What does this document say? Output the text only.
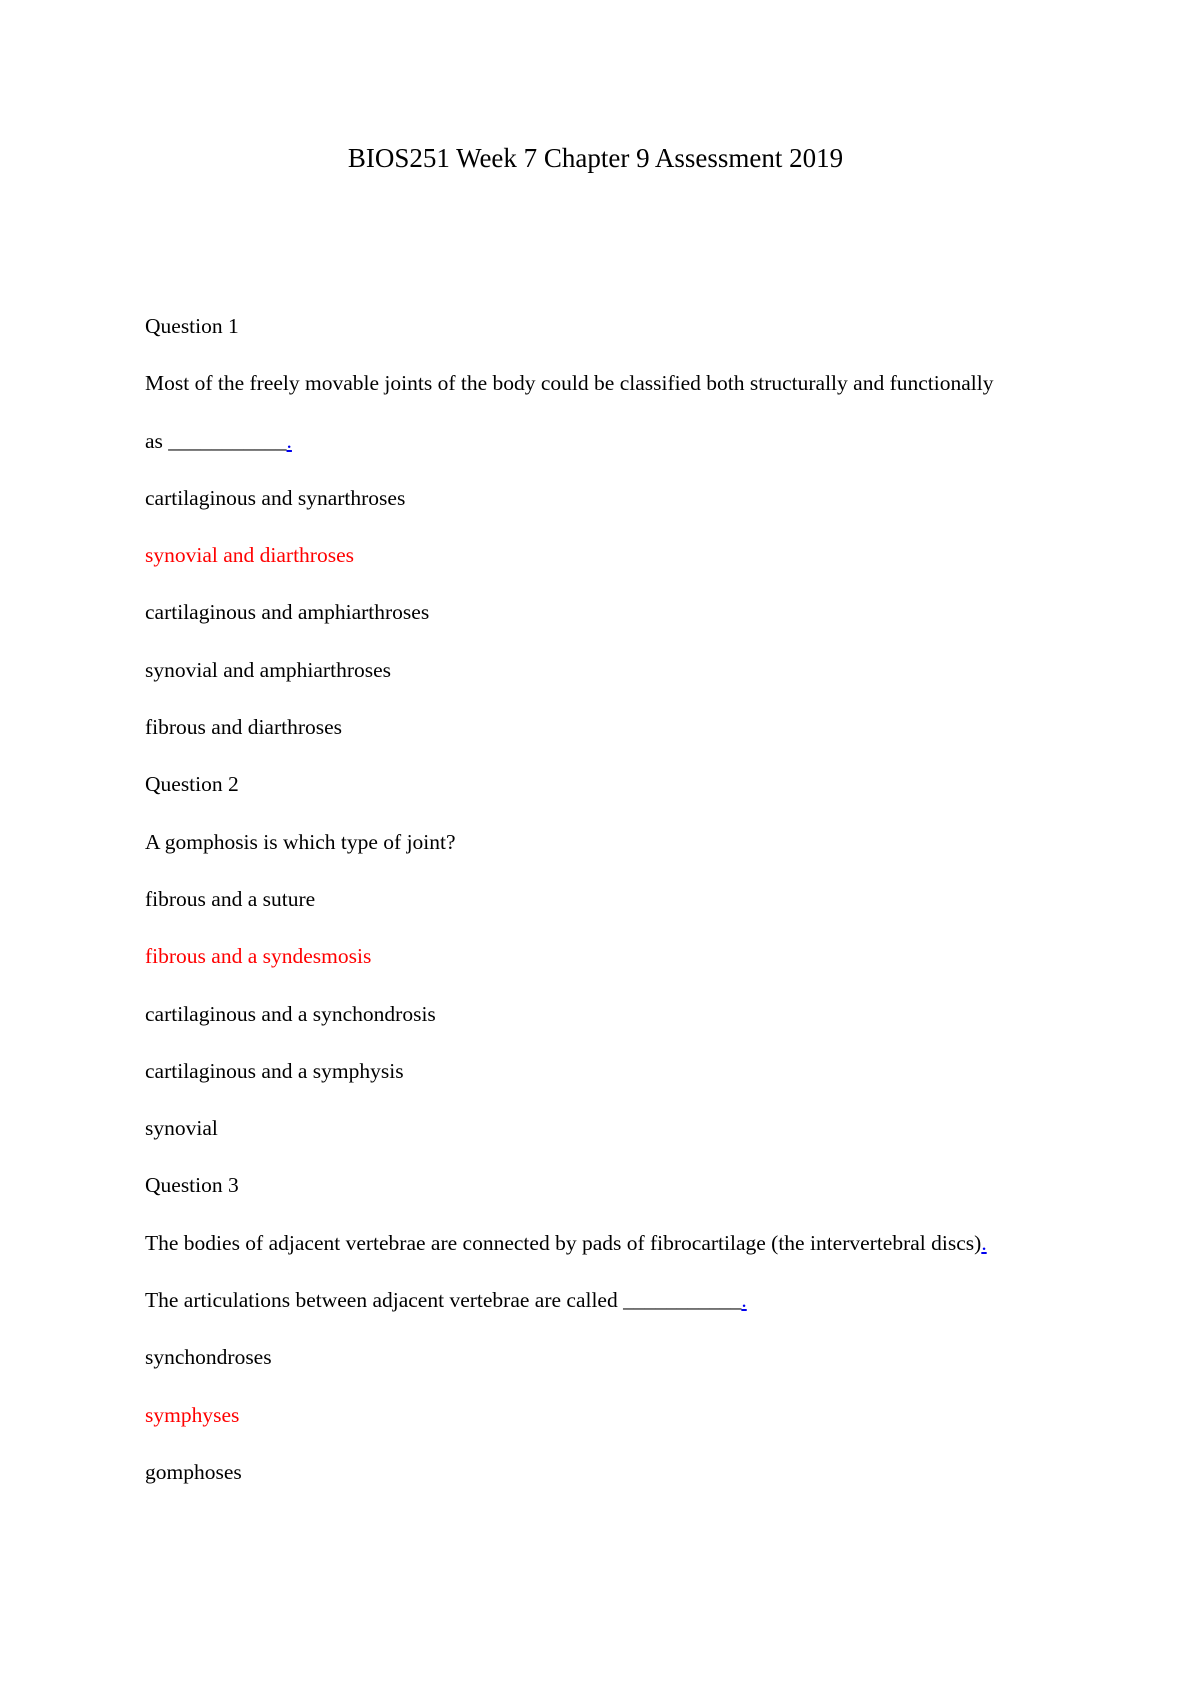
BIOS251 Week 7 Chapter 9 Assessment 2019
Question 1
Most of the freely movable joints of the body could be classified both structurally and functionally
as ___________.
cartilaginous and synarthroses
synovial and diarthroses
cartilaginous and amphiarthroses
synovial and amphiarthroses
fibrous and diarthroses
Question 2
A gomphosis is which type of joint?
fibrous and a suture
fibrous and a syndesmosis
cartilaginous and a synchondrosis
cartilaginous and a symphysis
synovial
Question 3
The bodies of adjacent vertebrae are connected by pads of fibrocartilage (the intervertebral discs).
The articulations between adjacent vertebrae are called ___________.
synchondroses
symphyses
gomphoses
